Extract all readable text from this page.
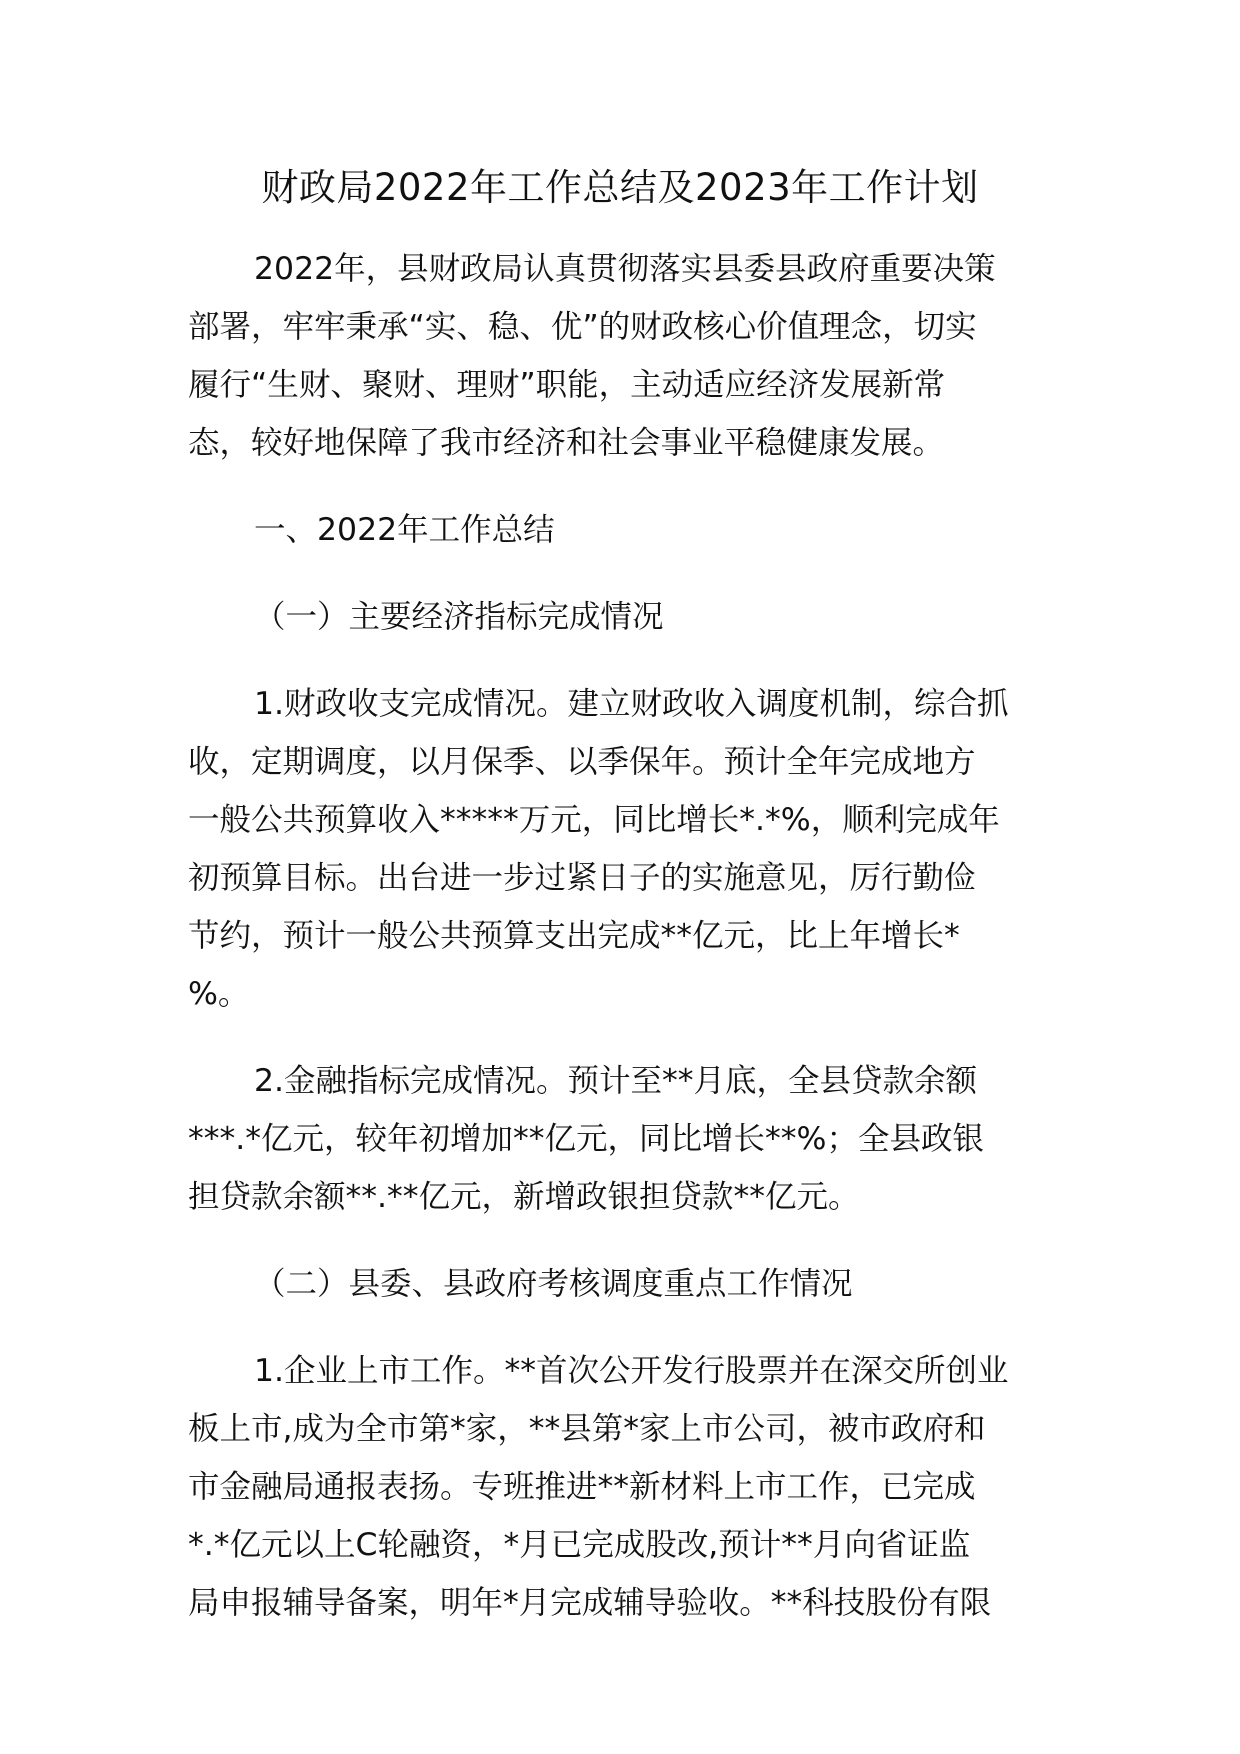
财政局2022年工作总结及2023年工作计划
2022年，县财政局认真贯彻落实县委县政府重要决策
部署，牢牢秉承“实、稳、优”的财政核心价值理念，切实
履行“生财、聚财、理财”职能，主动适应经济发展新常
态，较好地保障了我市经济和社会事业平稳健康发展。
一、2022年工作总结
（一）主要经济指标完成情况
1.财政收支完成情况。建立财政收入调度机制，综合抓
收，定期调度，以月保季、以季保年。预计全年完成地方
一般公共预算收入*****万元，同比增长*.*%，顺利完成年
初预算目标。出台进一步过紧日子的实施意见，厉行勤俭
节约，预计一般公共预算支出完成**亿元，比上年增长*
%。
2.金融指标完成情况。预计至**月底，全县贷款余额
***.*亿元，较年初增加**亿元，同比增长**%；全县政银
担贷款余额**.**亿元，新增政银担贷款**亿元。
（二）县委、县政府考核调度重点工作情况
1.企业上市工作。**首次公开发行股票并在深交所创业
板上市,成为全市第*家，**县第*家上市公司，被市政府和
市金融局通报表扬。专班推进**新材料上市工作，已完成
*.*亿元以上C轮融资，*月已完成股改,预计**月向省证监
局申报辅导备案，明年*月完成辅导验收。**科技股份有限
